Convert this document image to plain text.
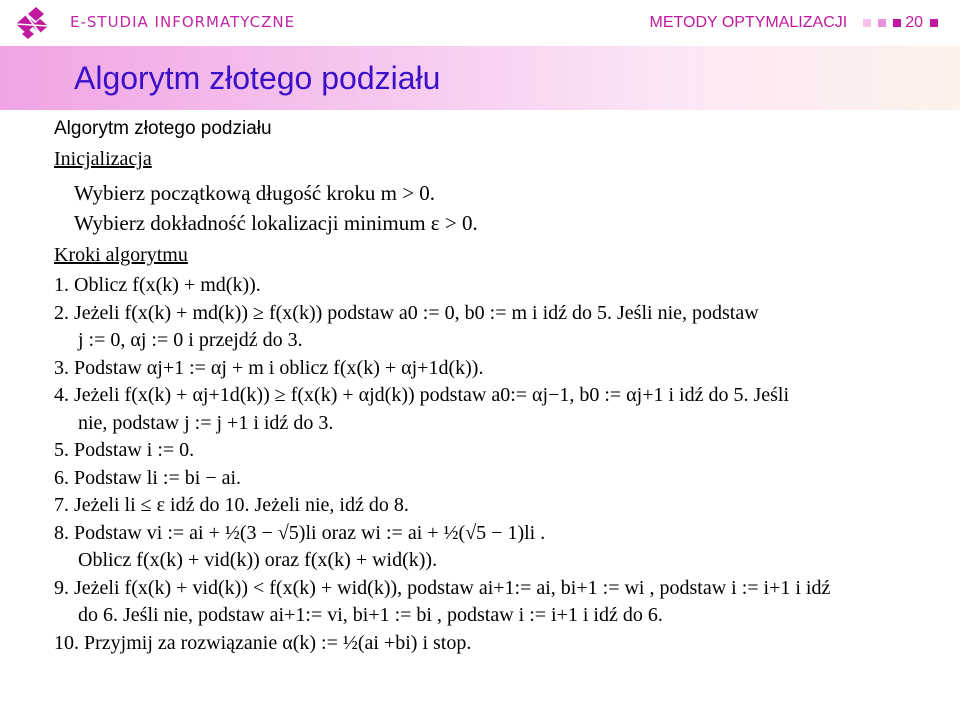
E-STUDIA INFORMATYCZNE	METODY OPTYMALIZACJI	20
Algorytm złotego podziału
Algorytm złotego podziału
Inicjalizacja
Wybierz początkową długość kroku m > 0.
Wybierz dokładność lokalizacji minimum ε > 0.
Kroki algorytmu
1. Oblicz f(x(k) + md(k)).
2. Jeżeli f(x(k) + md(k)) ≥ f(x(k)) podstaw a0 := 0, b0 := m i idź do 5. Jeśli nie, podstaw
j := 0, αj := 0 i przejdź do 3.
3. Podstaw αj+1 := αj + m i oblicz f(x(k) + αj+1d(k)).
4. Jeżeli f(x(k) + αj+1d(k)) ≥ f(x(k) + αjd(k)) podstaw a0:= αj−1, b0 := αj+1 i idź do 5. Jeśli
nie, podstaw j := j +1 i idź do 3.
5. Podstaw i := 0.
6. Podstaw li := bi − ai.
7. Jeżeli li ≤ ε idź do 10. Jeżeli nie, idź do 8.
8. Podstaw vi := ai + ½(3 − √5)li oraz wi := ai + ½(√5 − 1)li .
Oblicz f(x(k) + vid(k)) oraz f(x(k) + wid(k)).
9. Jeżeli f(x(k) + vid(k)) < f(x(k) + wid(k)), podstaw ai+1:= ai, bi+1 := wi , podstaw i := i+1 i idź
do 6. Jeśli nie, podstaw ai+1:= vi, bi+1 := bi , podstaw i := i+1 i idź do 6.
10. Przyjmij za rozwiązanie α(k) := ½(ai +bi) i stop.
